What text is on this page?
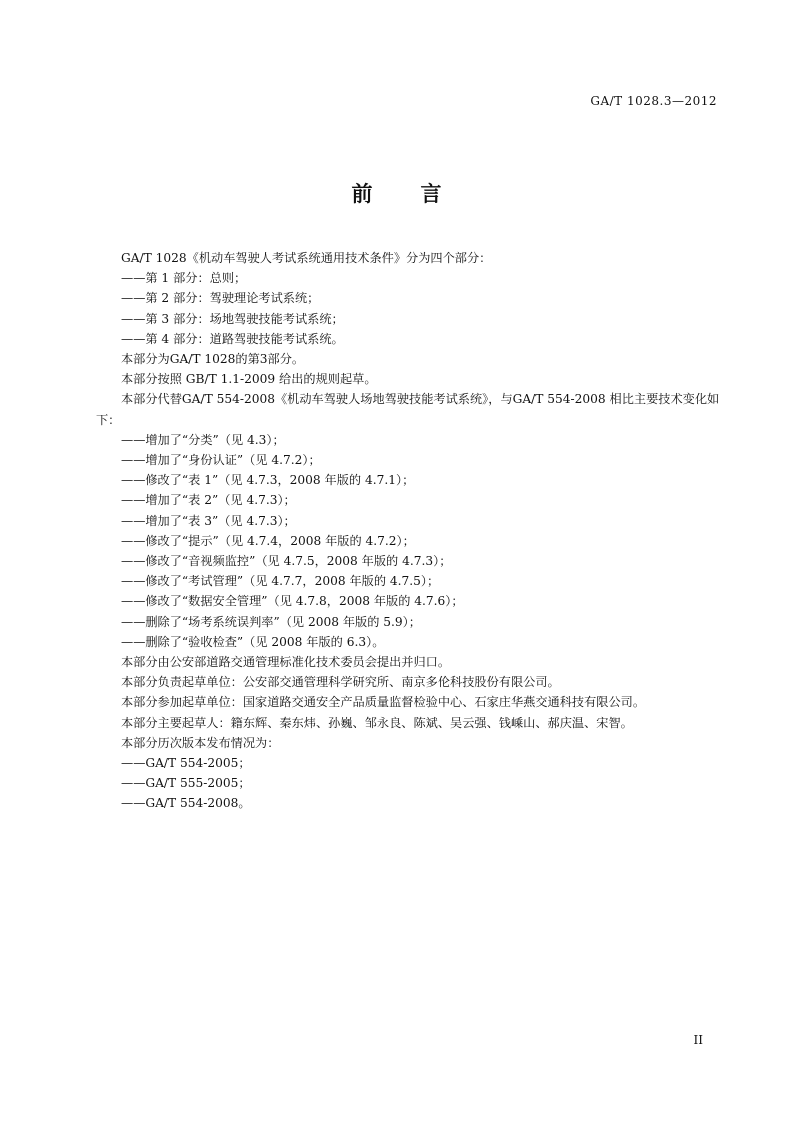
GA/T 1028.3—2012
前 言

GA/T 1028《机动车驾驶人考试系统通用技术条件》分为四个部分：

——第 1 部分：总则；

——第 2 部分：驾驶理论考试系统；

——第 3 部分：场地驾驶技能考试系统；

——第 4 部分：道路驾驶技能考试系统。

本部分为GA/T 1028的第3部分。

本部分按照 GB/T 1.1-2009 给出的规则起草。

本部分代替GA/T 554-2008《机动车驾驶人场地驾驶技能考试系统》，与GA/T 554-2008 相比主要技术变化如下：

——增加了“分类”（见 4.3）；

——增加了“身份认证”（见 4.7.2）；

——修改了“表 1”（见 4.7.3，2008 年版的 4.7.1）；

——增加了“表 2”（见 4.7.3）；

——增加了“表 3”（见 4.7.3）；

——修改了“提示”（见 4.7.4，2008 年版的 4.7.2）；

——修改了“音视频监控”（见 4.7.5，2008 年版的 4.7.3）；

——修改了“考试管理”（见 4.7.7，2008 年版的 4.7.5）；

——修改了“数据安全管理”（见 4.7.8，2008 年版的 4.7.6）；

——删除了“场考系统误判率”（见 2008 年版的 5.9）；

——删除了“验收检查”（见 2008 年版的 6.3）。

本部分由公安部道路交通管理标准化技术委员会提出并归口。

本部分负责起草单位：公安部交通管理科学研究所、南京多伦科技股份有限公司。

本部分参加起草单位：国家道路交通安全产品质量监督检验中心、石家庄华燕交通科技有限公司。

本部分主要起草人：籍东辉、秦东炜、孙巍、邹永良、陈斌、吴云强、钱嵊山、郝庆温、宋智。

本部分历次版本发布情况为：

——GA/T 554-2005；

——GA/T 555-2005；

——GA/T 554-2008。

II
